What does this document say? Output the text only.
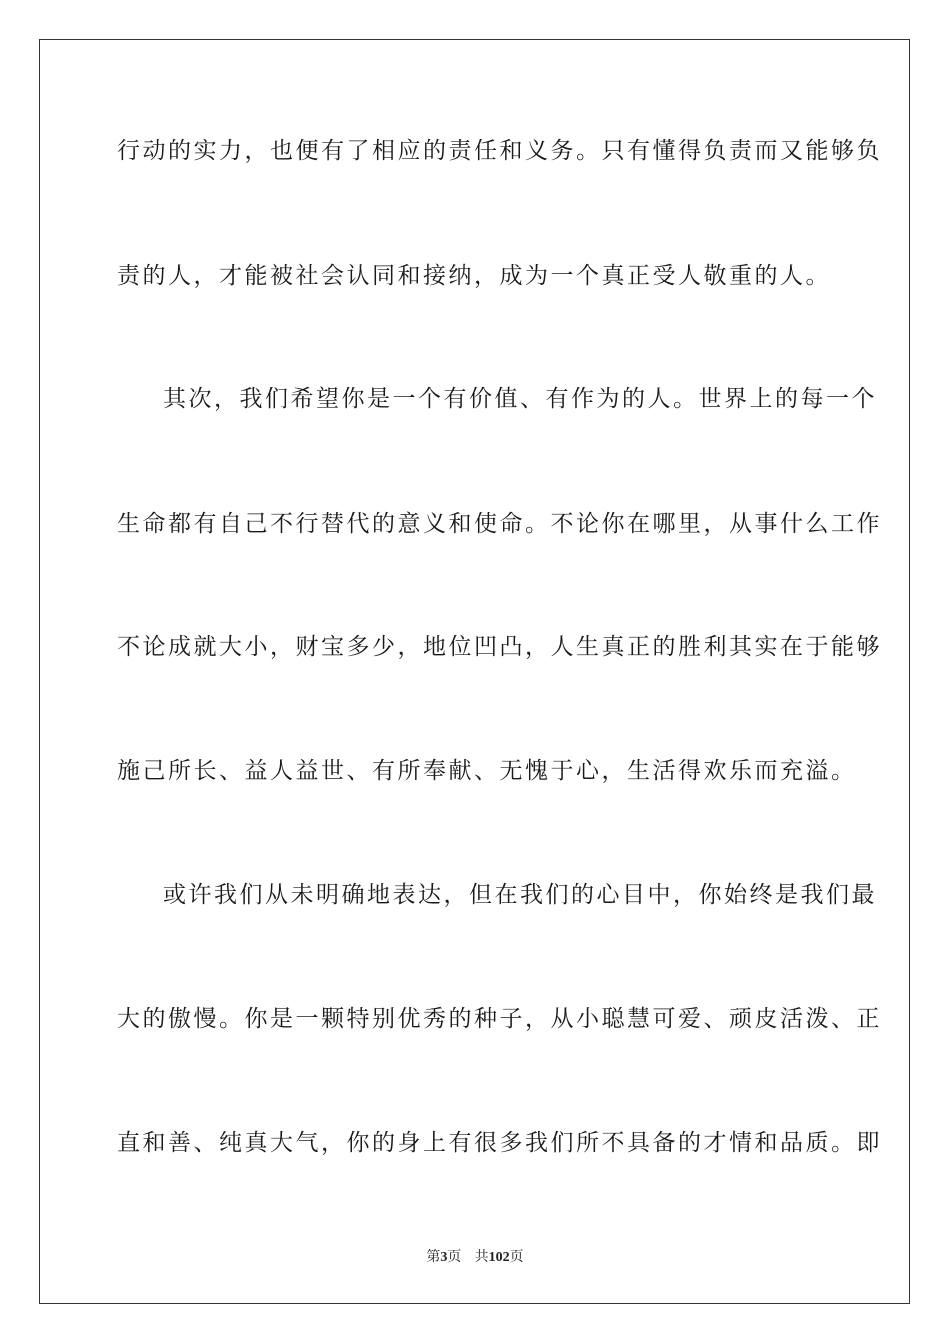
行动的实力，也便有了相应的责任和义务。只有懂得负责而又能够负
责的人，才能被社会认同和接纳，成为一个真正受人敬重的人。
其次，我们希望你是一个有价值、有作为的人。世界上的每一个
生命都有自己不行替代的意义和使命。不论你在哪里，从事什么工作
不论成就大小，财宝多少，地位凹凸，人生真正的胜利其实在于能够
施己所长、益人益世、有所奉献、无愧于心，生活得欢乐而充溢。
或许我们从未明确地表达，但在我们的心目中，你始终是我们最
大的傲慢。你是一颗特别优秀的种子，从小聪慧可爱、顽皮活泼、正
直和善、纯真大气，你的身上有很多我们所不具备的才情和品质。即
第3页 共102页
